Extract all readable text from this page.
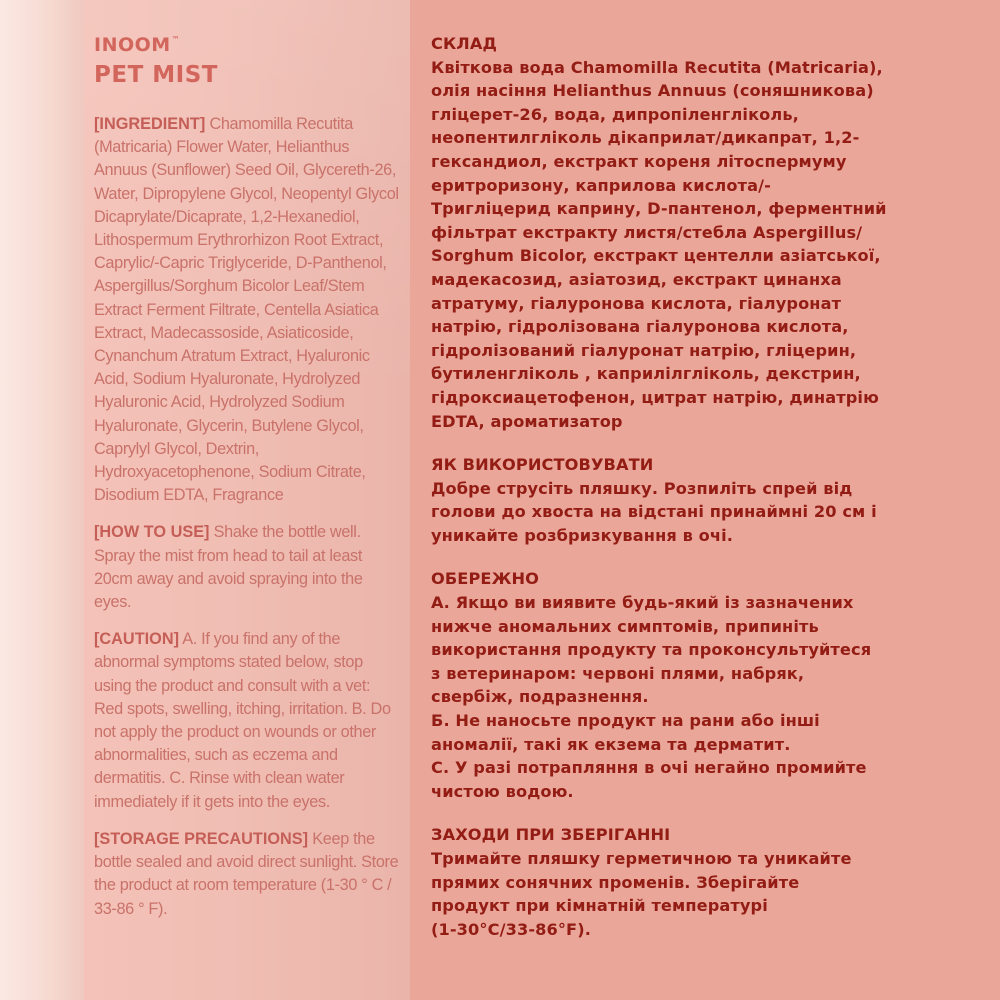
INOOM™
PET MIST
[INGREDIENT] Chamomilla Recutita (Matricaria) Flower Water, Helianthus Annuus (Sunflower) Seed Oil, Glycereth-26, Water, Dipropylene Glycol, Neopentyl Glycol Dicaprylate/Dicaprate, 1,2-Hexanediol, Lithospermum Erythrorhizon Root Extract, Caprylic/-Capric Triglyceride, D-Panthenol, Aspergillus/Sorghum Bicolor Leaf/Stem Extract Ferment Filtrate, Centella Asiatica Extract, Madecassoside, Asiaticoside, Cynanchum Atratum Extract, Hyaluronic Acid, Sodium Hyaluronate, Hydrolyzed Hyaluronic Acid, Hydrolyzed Sodium Hyaluronate, Glycerin, Butylene Glycol, Caprylyl Glycol, Dextrin, Hydroxyacetophenone, Sodium Citrate, Disodium EDTA, Fragrance
[HOW TO USE] Shake the bottle well. Spray the mist from head to tail at least 20cm away and avoid spraying into the eyes.
[CAUTION] A. If you find any of the abnormal symptoms stated below, stop using the product and consult with a vet: Red spots, swelling, itching, irritation. B. Do not apply the product on wounds or other abnormalities, such as eczema and dermatitis. C. Rinse with clean water immediately if it gets into the eyes.
[STORAGE PRECAUTIONS] Keep the bottle sealed and avoid direct sunlight. Store the product at room temperature (1-30 ° C / 33-86 ° F).
СКЛАД
Квіткова вода Chamomilla Recutita (Matricaria),
олія насіння Helianthus Annuus (соняшникова)
гліцерет-26, вода, дипропіленгліколь,
неопентилгліколь дікаприлат/дикапрат, 1,2-
гександиол, екстракт кореня літоспермуму
еритроризону, каприлова кислота/-
Тригліцерид каприну, D-пантенол, ферментний
фільтрат екстракту листя/стебла Aspergillus/
Sorghum Bicolor, екстракт центелли азіатської,
мадекасозид, азіатозид, екстракт цинанха
атратуму, гіалуронова кислота, гіалуронат
натрію, гідролізована гіалуронова кислота,
гідролізований гіалуронат натрію, гліцерин,
бутиленгліколь , каприлілгліколь, декстрин,
гідроксиацетофенон, цитрат натрію, динатрію
EDTA, ароматизатор
ЯК ВИКОРИСТОВУВАТИ
Добре струсіть пляшку. Розпиліть спрей від
голови до хвоста на відстані принаймні 20 см і
уникайте розбризкування в очі.
ОБЕРЕЖНО
А. Якщо ви виявите будь-який із зазначених
нижче аномальних симптомів, припиніть
використання продукту та проконсультуйтеся
з ветеринаром: червоні плями, набряк,
свербіж, подразнення.
Б. Не наносьте продукт на рани або інші
аномалії, такі як екзема та дерматит.
С. У разі потрапляння в очі негайно промийте
чистою водою.
ЗАХОДИ ПРИ ЗБЕРІГАННІ
Тримайте пляшку герметичною та уникайте
прямих сонячних променів. Зберігайте
продукт при кімнатній температурі
(1-30°C/33-86°F).
